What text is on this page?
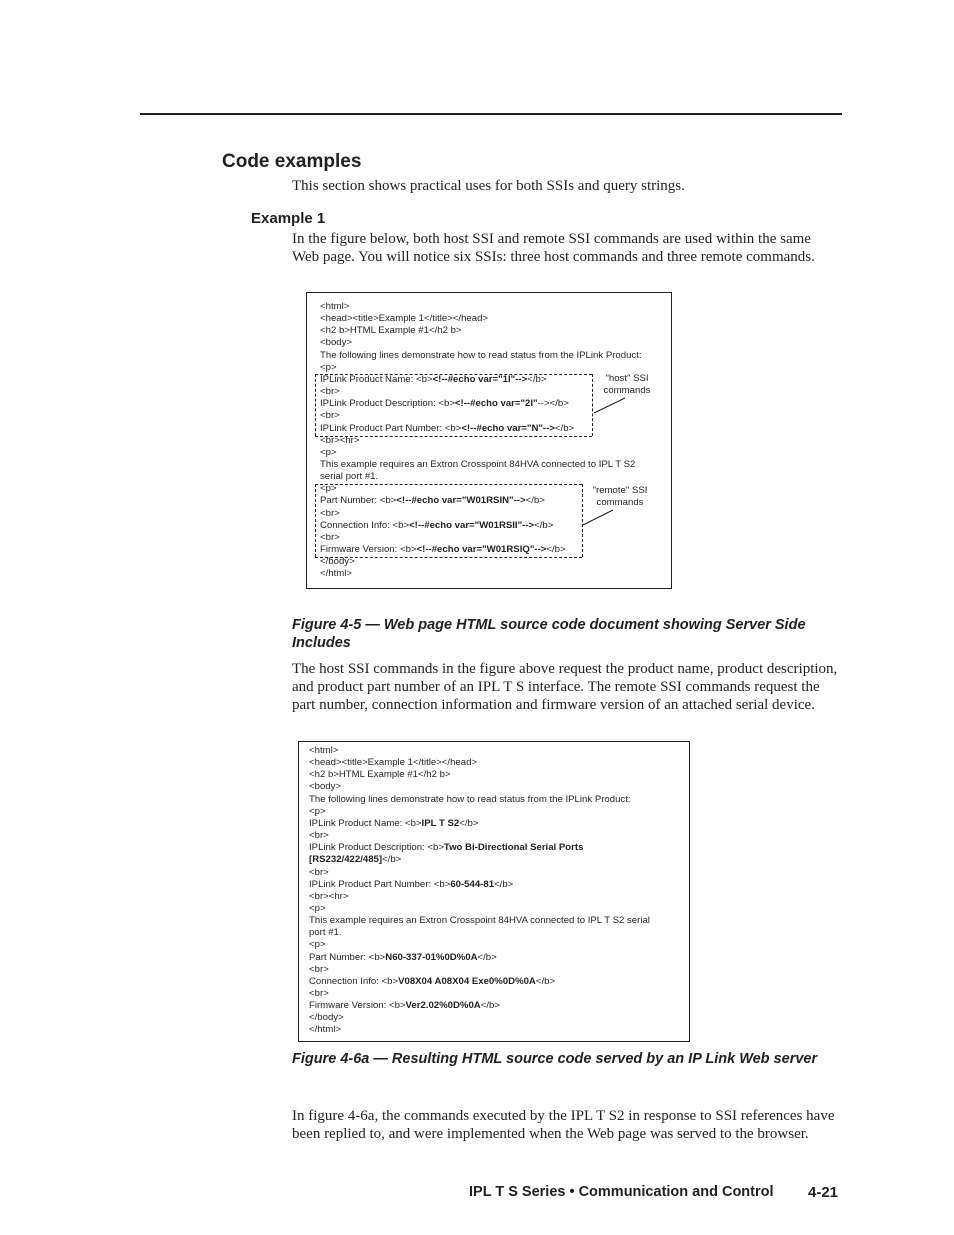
Code examples
This section shows practical uses for both SSIs and query strings.
Example 1
In the figure below, both host SSI and remote SSI commands are used within the same Web page. You will notice six SSIs: three host commands and three remote commands.
"host" SSI
commands
"remote" SSI
commands
<html>
<head><title>Example 1</title></head>
<h2 b>HTML Example #1</h2 b>
<body>
The following lines demonstrate how to read status from the IPLink Product:
<p>
IPLink Product Name: <b><!--#echo var="1I"--></b>
<br>
IPLink Product Description: <b><!--#echo var="2I"--></b>
<br>
IPLink Product Part Number: <b><!--#echo var="N"--></b>
<br><hr>
<p>
This example requires an Extron Crosspoint 84HVA connected to IPL T S2
serial port #1.
<p>
Part Number: <b><!--#echo var="W01RSIN"--></b>
<br>
Connection Info: <b><!--#echo var="W01RSII"--></b>
<br>
Firmware Version: <b><!--#echo var="W01RSIQ"--></b>
</body>
</html>
Figure 4-5 — Web page HTML source code document showing Server Side Includes
The host SSI commands in the figure above request the product name, product description, and product part number of an IPL T S interface. The remote SSI commands request the part number, connection information and firmware version of an attached serial device.
<html>
<head><title>Example 1</title></head>
<h2 b>HTML Example #1</h2 b>
<body>
The following lines demonstrate how to read status from the IPLink Product:
<p>
IPLink Product Name: <b>IPL T S2</b>
<br>
IPLink Product Description: <b>Two Bi-Directional Serial Ports
[RS232/422/485]</b>
<br>
IPLink Product Part Number: <b>60-544-81</b>
<br><hr>
<p>
This example requires an Extron Crosspoint 84HVA connected to IPL T S2 serial
port #1.
<p>
Part Number: <b>N60-337-01%0D%0A</b>
<br>
Connection Info: <b>V08X04 A08X04 Exe0%0D%0A</b>
<br>
Firmware Version: <b>Ver2.02%0D%0A</b>
</body>
</html>
Figure 4-6a — Resulting HTML source code served by an IP Link Web server
In figure 4-6a, the commands executed by the IPL T S2 in response to SSI references have been replied to, and were implemented when the Web page was served to the browser.
IPL T S Series • Communication and Control 4-21
